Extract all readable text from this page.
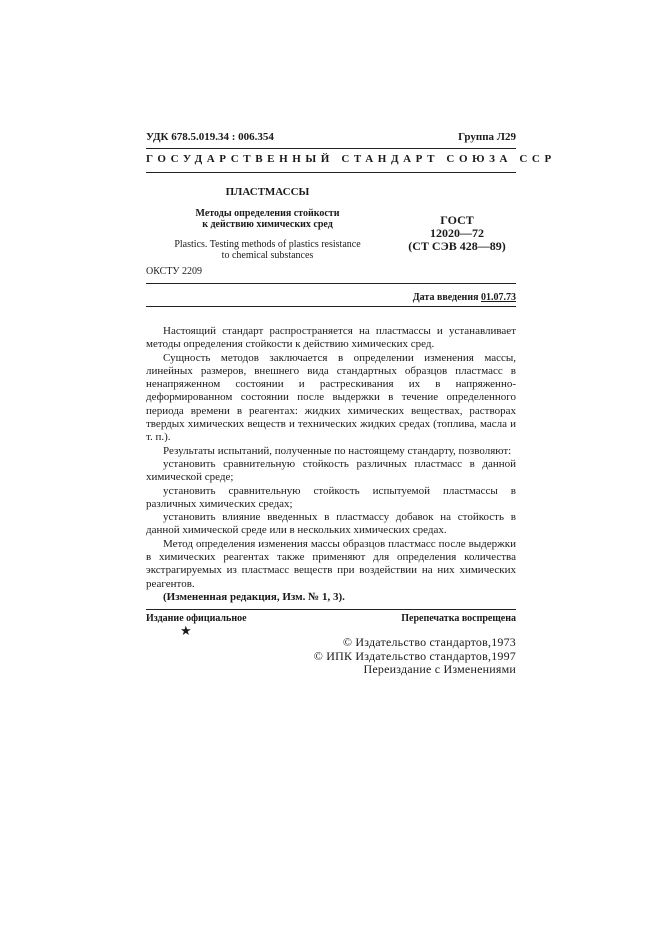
УДК 678.5.019.34 : 006.354	Группа Л29
ГОСУДАРСТВЕННЫЙ СТАНДАРТ СОЮЗА ССР
ПЛАСТМАССЫ
Методы определения стойкости
к действию химических сред
Plastics. Testing methods of plastics resistance
to chemical substances
ГОСТ
12020—72
(СТ СЭВ 428—89)
ОКСТУ 2209
Дата введения 01.07.73

Настоящий стандарт распространяется на пластмассы и устанавливает методы определения стойкости к действию химических сред.

Сущность методов заключается в определении изменения массы, линейных размеров, внешнего вида стандартных образцов пластмасс в ненапряженном состоянии и растрескивания их в напряженно-деформированном состоянии после выдержки в течение определенного периода времени в реагентах: жидких химических веществах, растворах твердых химических веществ и технических жидких средах (топлива, масла и т. п.).

Результаты испытаний, полученные по настоящему стандарту, позволяют:

установить сравнительную стойкость различных пластмасс в данной химической среде;

установить сравнительную стойкость испытуемой пластмассы в различных химических средах;

установить влияние введенных в пластмассу добавок на стойкость в данной химической среде или в нескольких химических средах.

Метод определения изменения массы образцов пластмасс после выдержки в химических реагентах также применяют для определения количества экстрагируемых из пластмасс веществ при воздействии на них химических реагентов.

(Измененная редакция, Изм. № 1, 3).

Издание официальное	Перепечатка воспрещена
★
© Издательство стандартов,1973
© ИПК Издательство стандартов,1997
Переиздание с Изменениями
